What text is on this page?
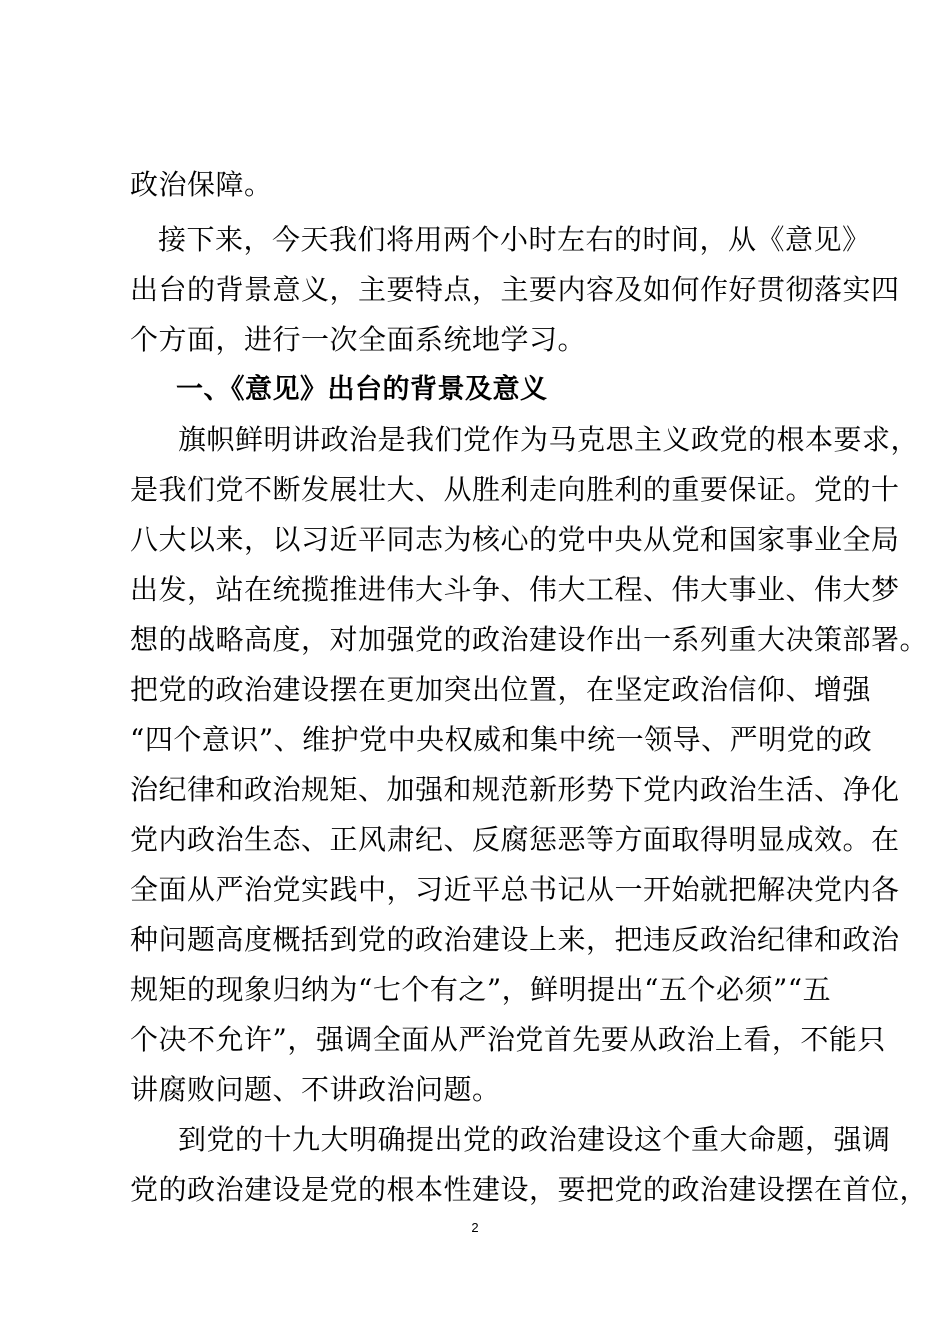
政治保障。
接下来，今天我们将用两个小时左右的时间，从《意见》
出台的背景意义，主要特点，主要内容及如何作好贯彻落实四
个方面，进行一次全面系统地学习。
一、《意见》出台的背景及意义
旗帜鲜明讲政治是我们党作为马克思主义政党的根本要求，
是我们党不断发展壮大、从胜利走向胜利的重要保证。党的十
八大以来，以习近平同志为核心的党中央从党和国家事业全局
出发，站在统揽推进伟大斗争、伟大工程、伟大事业、伟大梦
想的战略高度，对加强党的政治建设作出一系列重大决策部署。
把党的政治建设摆在更加突出位置，在坚定政治信仰、增强
“四个意识”、维护党中央权威和集中统一领导、严明党的政
治纪律和政治规矩、加强和规范新形势下党内政治生活、净化
党内政治生态、正风肃纪、反腐惩恶等方面取得明显成效。在
全面从严治党实践中，习近平总书记从一开始就把解决党内各
种问题高度概括到党的政治建设上来，把违反政治纪律和政治
规矩的现象归纳为“七个有之”，鲜明提出“五个必须”“五
个决不允许”，强调全面从严治党首先要从政治上看，不能只
讲腐败问题、不讲政治问题。
到党的十九大明确提出党的政治建设这个重大命题，强调
党的政治建设是党的根本性建设，要把党的政治建设摆在首位，
2
